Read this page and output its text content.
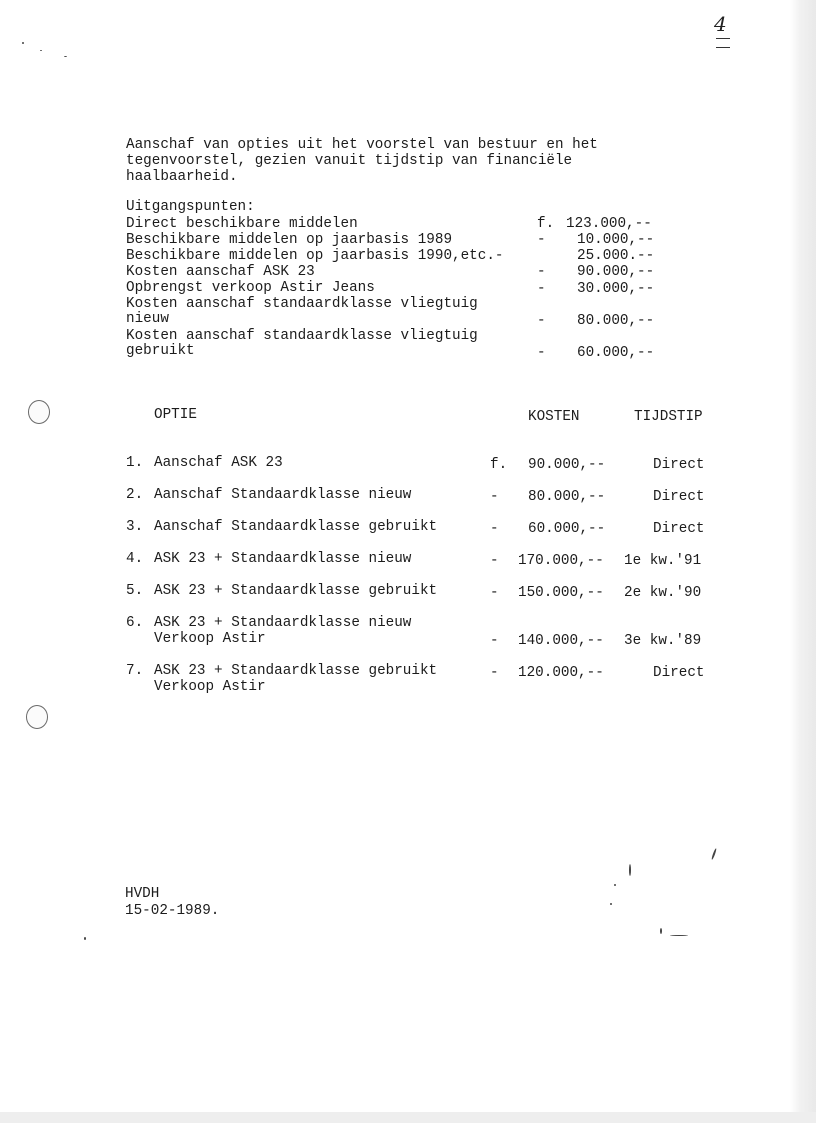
4
Aanschaf van opties uit het voorstel van bestuur en het
tegenvoorstel, gezien vanuit tijdstip van financiële
haalbaarheid.
Uitgangspunten:
Direct beschikbare middelen	f. 123.000,--
Beschikbare middelen op jaarbasis 1989	- 10.000,--
Beschikbare middelen op jaarbasis 1990,etc.-	25.000.--
Kosten aanschaf ASK 23	- 90.000,--
Opbrengst verkoop Astir Jeans	- 30.000,--
Kosten aanschaf standaardklasse vliegtuig
nieuw	- 80.000,--
Kosten aanschaf standaardklasse vliegtuig
gebruikt	- 60.000,--
OPTIE	KOSTEN	TIJDSTIP
1. Aanschaf ASK 23	f. 90.000,--	Direct
2. Aanschaf Standaardklasse nieuw	- 80.000,--	Direct
3. Aanschaf Standaardklasse gebruikt	- 60.000,--	Direct
4. ASK 23 + Standaardklasse nieuw	- 170.000,-- 1e kw.'91
5. ASK 23 + Standaardklasse gebruikt	- 150.000,-- 2e kw.'90
6. ASK 23 + Standaardklasse nieuw
Verkoop Astir	- 140.000,-- 3e kw.'89
7. ASK 23 + Standaardklasse gebruikt
Verkoop Astir
- 120.000,--	Direct
HVDH
15-02-1989.
